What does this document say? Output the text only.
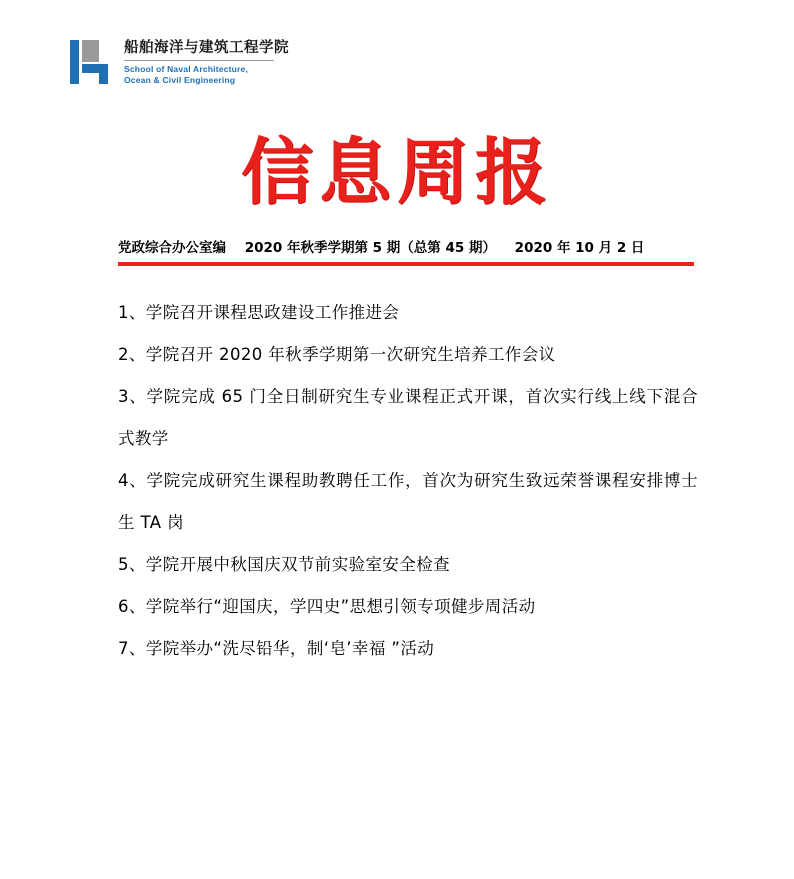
船舶海洋与建筑工程学院
School of Naval Architecture,
Ocean & Civil Engineering
信息周报
党政综合办公室编 2020 年秋季学期第 5 期（总第 45 期） 2020 年 10 月 2 日
1、学院召开课程思政建设工作推进会
2、学院召开 2020 年秋季学期第一次研究生培养工作会议
3、学院完成 65 门全日制研究生专业课程正式开课，首次实行线上线下混合式教学
4、学院完成研究生课程助教聘任工作，首次为研究生致远荣誉课程安排博士生 TA 岗
5、学院开展中秋国庆双节前实验室安全检查
6、学院举行“迎国庆，学四史”思想引领专项健步周活动
7、学院举办“洗尽铅华，制‘皂’幸福 ”活动
